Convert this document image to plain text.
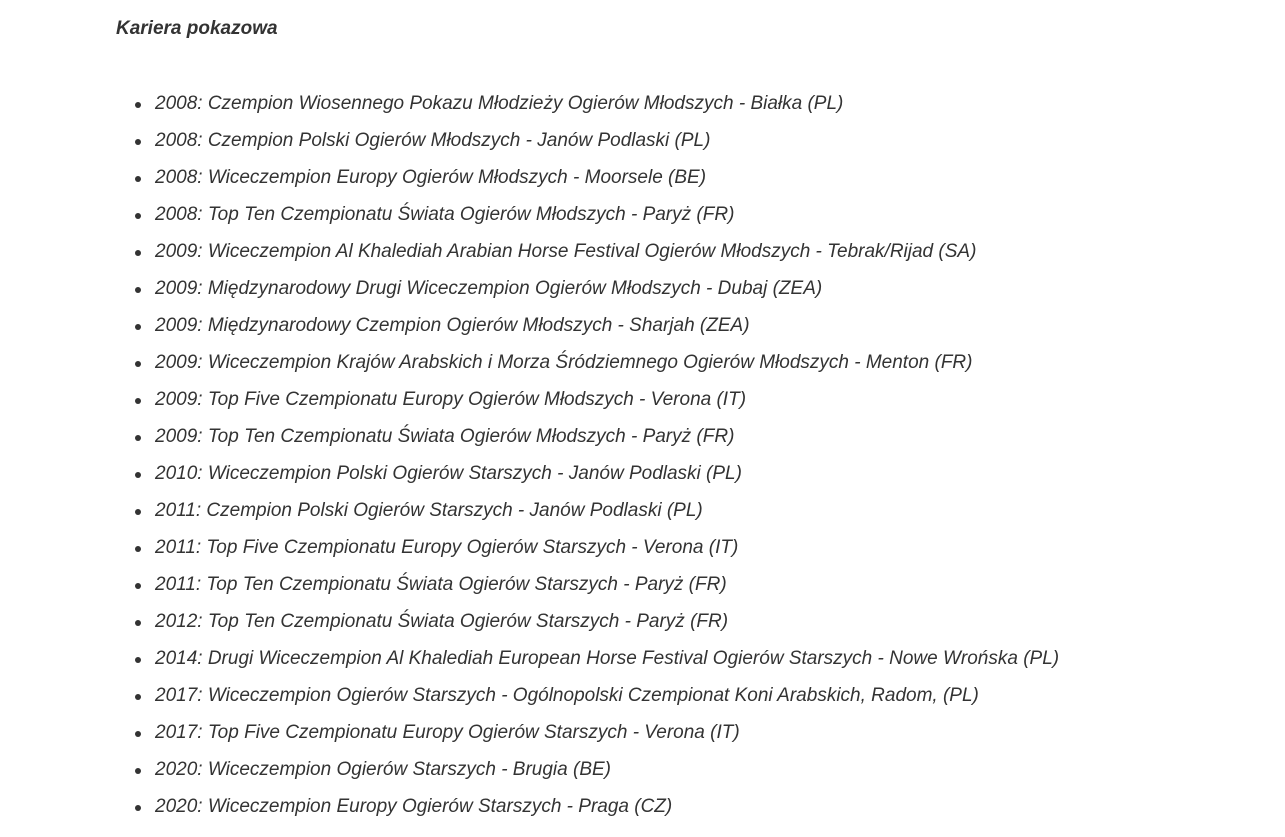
Kariera pokazowa
2008: Czempion Wiosennego Pokazu Młodzieży Ogierów Młodszych - Białka (PL)
2008: Czempion Polski Ogierów Młodszych - Janów Podlaski (PL)
2008: Wiceczempion Europy Ogierów Młodszych - Moorsele (BE)
2008: Top Ten Czempionatu Świata Ogierów Młodszych - Paryż (FR)
2009: Wiceczempion Al Khalediah Arabian Horse Festival Ogierów Młodszych - Tebrak/Rijad (SA)
2009: Międzynarodowy Drugi Wiceczempion Ogierów Młodszych - Dubaj (ZEA)
2009: Międzynarodowy Czempion Ogierów Młodszych - Sharjah (ZEA)
2009: Wiceczempion Krajów Arabskich i Morza Śródziemnego Ogierów Młodszych - Menton (FR)
2009: Top Five Czempionatu Europy Ogierów Młodszych - Verona (IT)
2009: Top Ten Czempionatu Świata Ogierów Młodszych - Paryż (FR)
2010: Wiceczempion Polski Ogierów Starszych - Janów Podlaski (PL)
2011: Czempion Polski Ogierów Starszych - Janów Podlaski (PL)
2011: Top Five Czempionatu Europy Ogierów Starszych - Verona (IT)
2011: Top Ten Czempionatu Świata Ogierów Starszych - Paryż (FR)
2012: Top Ten Czempionatu Świata Ogierów Starszych - Paryż (FR)
2014: Drugi Wiceczempion Al Khalediah European Horse Festival Ogierów Starszych - Nowe Wrońska (PL)
2017: Wiceczempion Ogierów Starszych - Ogólnopolski Czempionat Koni Arabskich, Radom, (PL)
2017: Top Five Czempionatu Europy Ogierów Starszych - Verona (IT)
2020: Wiceczempion Ogierów Starszych - Brugia (BE)
2020: Wiceczempion Europy Ogierów Starszych - Praga (CZ)
